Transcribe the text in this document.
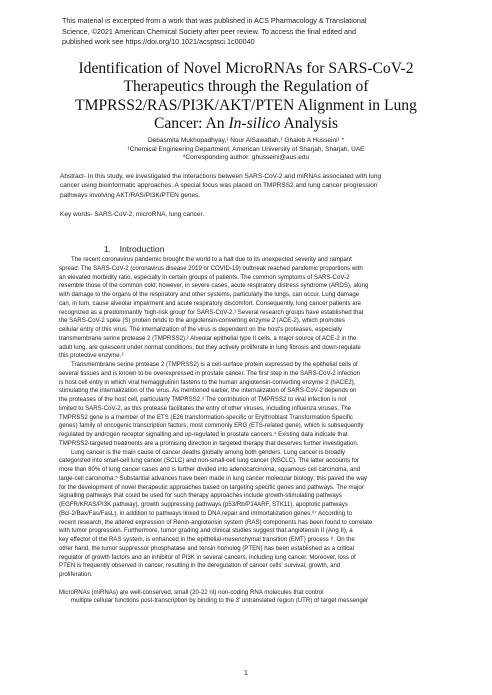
This material is excerpted from a work that was published in ACS Pharmacology & Translational

Science, ©2021 American Chemical Society after peer review. To access the final edited and

published work see https://doi.org/10.1021/acsptsci.1c00040

Identification of Novel MicroRNAs for SARS-CoV-2

Therapeutics through the Regulation of

TMPRSS2/RAS/PI3K/AKT/PTEN Alignment in Lung

Cancer: An In-silico Analysis

Debasmita Mukhopadhyay,¹ Nour AlSawaftah,¹ Ghaleb A Husseini¹ *

¹Chemical Engineering Department, American University of Sharjah, Sharjah, UAE

*Corresponding author: ghusseini@aus.edu

Abstract- In this study, we investigated the interactions between SARS-CoV-2 and miRNAs associated with lung

cancer using bioinformatic approaches. A special focus was placed on TMPRSS2 and lung cancer progression

pathways involving AKT/RAS/PI3K/PTEN genes.

Key words- SARS-CoV-2, microRNA, lung cancer.

1. Introduction

The recent coronavirus pandemic brought the world to a halt due to its unexpected severity and rampant

spread. The SARS-CoV-2 (coronavirus disease 2019 or COVID-19) outbreak reached pandemic proportions with

an elevated morbidity ratio, especially in certain groups of patients. The common symptoms of SARS-CoV-2

resemble those of the common cold; however, in severe cases, acute respiratory distress syndrome (ARDS), along

with damage to the organs of the respiratory and other systems, particularly the lungs, can occur. Lung damage

can, in turn, cause alveolar impairment and acute respiratory discomfort. Consequently, lung cancer patients are

recognized as a predominantly 'high-risk group' for SARS-CoV-2.¹ Several research groups have established that

the SARS-CoV-2 spike (S) protein binds to the angiotensin-converting enzyme 2 (ACE-2), which promotes

cellular entry of this virus. The internalization of the virus is dependent on the host's proteases, especially

transmembrane serine protease 2 (TMPRSS2).² Alveolar epithelial type II cells, a major source of ACE-2 in the

adult lung, are quiescent under normal conditions, but they actively proliferate in lung fibrosis and down-regulate

this protective enzyme.³

Transmembrane serine protease 2 (TMPRSS2) is a cell-surface protein expressed by the epithelial cells of

several tissues and is known to be overexpressed in prostate cancer. The first step in the SARS-CoV-2 infection

is host cell entry in which viral hemagglutinin fastens to the human angiotensin-converting enzyme 2 (hACE2),

stimulating the internalization of the virus. As mentioned earlier, the internalization of SARS-CoV-2 depends on

the proteases of the host cell, particularly TMPRSS2.³ The contribution of TMPRSS2 to viral infection is not

limited to SARS-CoV-2, as this protease facilitates the entry of other viruses, including influenza viruses. The

TMPRSS2 gene is a member of the ETS (E26 transformation-specific or Erythroblast Transformation Specific

genes) family of oncogenic transcription factors, most commonly ERG (ETS-related gene), which is subsequently

regulated by androgen receptor signalling and up-regulated in prostate cancers.⁴ Existing data indicate that

TMPRSS2-targeted treatments are a promising direction in targeted therapy that deserves further investigation.

Lung cancer is the main cause of cancer deaths globally among both genders. Lung cancer is broadly

categorized into small-cell lung cancer (SCLC) and non-small-cell lung cancer (NSCLC). The latter accounts for

more than 80% of lung cancer cases and is further divided into adenocarcinoma, squamous cell carcinoma, and

large-cell carcinoma.⁵ Substantial advances have been made in lung cancer molecular biology; this paved the way

for the development of novel therapeutic approaches based on targeting specific genes and pathways. The major

signalling pathways that could be used for such therapy approaches include growth-stimulating pathways

(EGFR/KRAS/PI3K pathway), growth suppressing pathways (p53/Rb/P14ARF, STK11), apoptotic pathways

(Bcl-2/Bax/Fas/FasL), in addition to pathways linked to DNA repair and immortalization genes.⁶⁷ According to

recent research, the altered expression of Renin-angiotensin system (RAS) components has been found to correlate

with tumor progression. Furthermore, tumor grading and clinical studies suggest that angiotensin II (Ang II), a

key effector of the RAS system, is enhanced in the epithelial-mesenchymal transition (EMT) process ⁸. On the

other hand, the tumor suppressor phosphatase and tensin homolog (PTEN) has been established as a critical

regulator of growth factors and an inhibitor of PI3K in several cancers, including lung cancer. Moreover, loss of

PTEN is frequently observed in cancer, resulting in the deregulation of cancer cells' survival, growth, and

proliferation.

MicroRNAs (miRNAs) are well-conserved, small (20-22 nt) non-coding RNA molecules that control

multiple cellular functions post-transcription by binding to the 3' untranslated region (UTR) of target messenger

1
